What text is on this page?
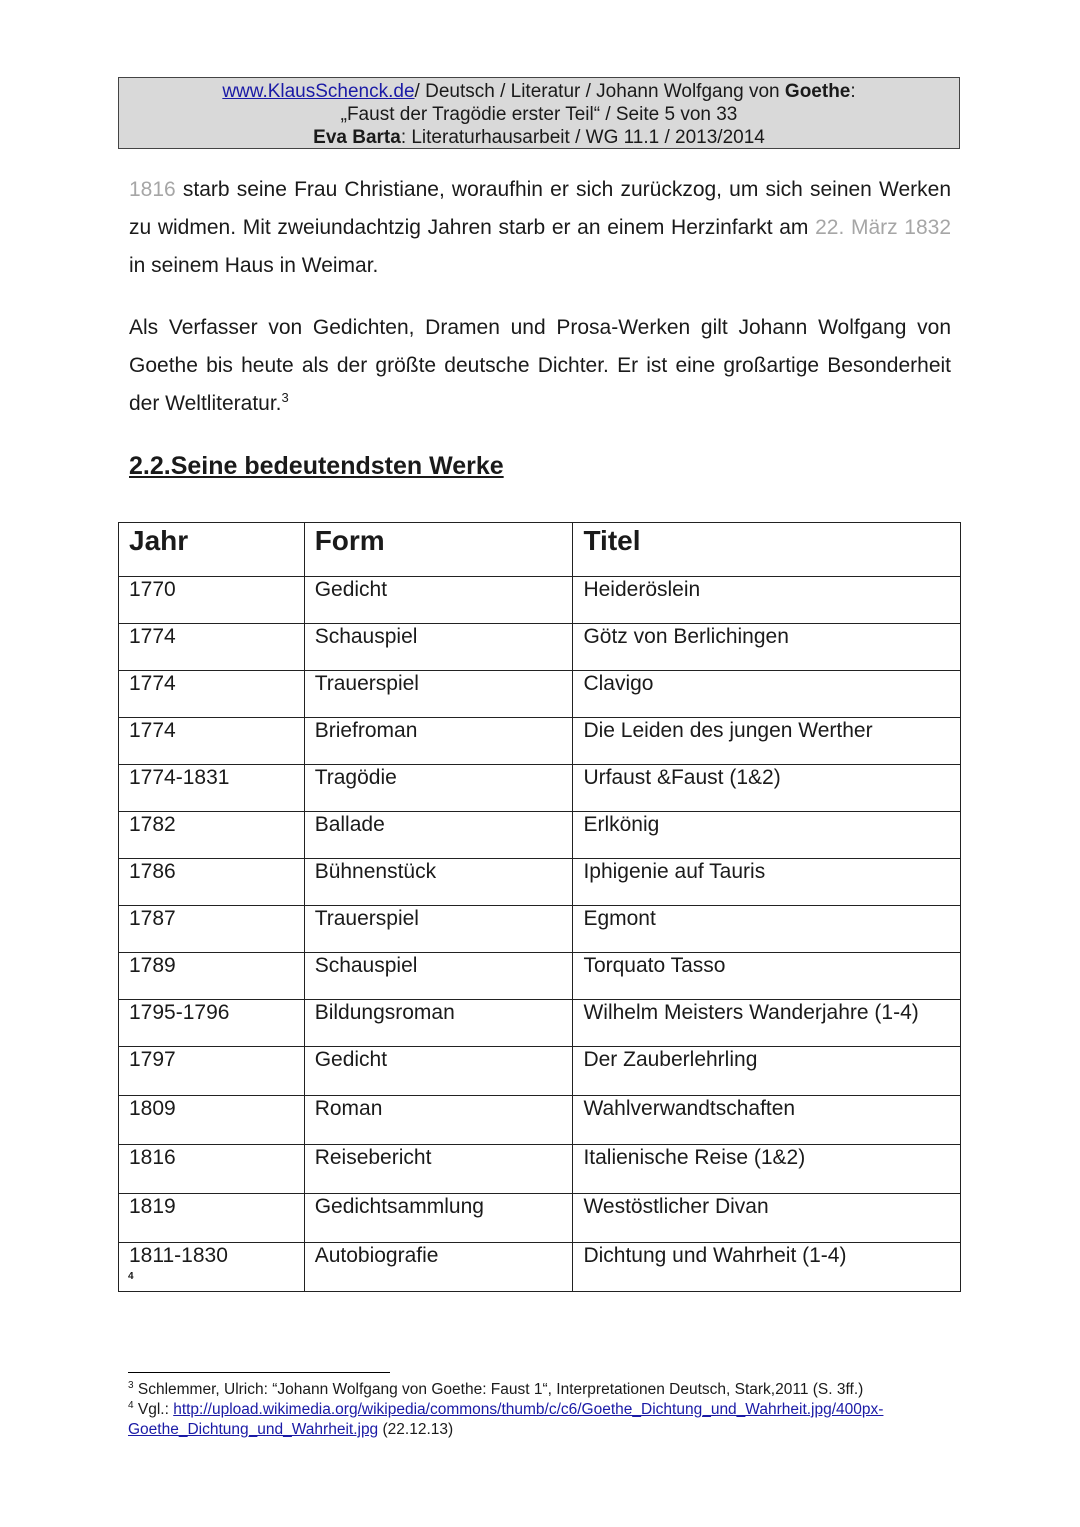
www.KlausSchenck.de/ Deutsch / Literatur / Johann Wolfgang von Goethe:
„Faust der Tragödie erster Teil“ / Seite 5 von 33
Eva Barta: Literaturhausarbeit / WG 11.1 / 2013/2014

1816 starb seine Frau Christiane, woraufhin er sich zurückzog, um sich seinen Werken zu widmen. Mit zweiundachtzig Jahren starb er an einem Herzinfarkt am 22. März 1832 in seinem Haus in Weimar.

Als Verfasser von Gedichten, Dramen und Prosa-Werken gilt Johann Wolfgang von Goethe bis heute als der größte deutsche Dichter. Er ist eine großartige Besonderheit der Weltliteratur.$^3$

2.2.Seine bedeutendsten Werke
Jahr	Form	Titel
1770	Gedicht	Heideröslein
1774	Schauspiel	Götz von Berlichingen
1774	Trauerspiel	Clavigo
1774	Briefroman	Die Leiden des jungen Werther
1774-1831	Tragödie	Urfaust &Faust (1&2)
1782	Ballade	Erlkönig
1786	Bühnenstück	Iphigenie auf Tauris
1787	Trauerspiel	Egmont
1789	Schauspiel	Torquato Tasso
1795-1796	Bildungsroman	Wilhelm Meisters Wanderjahre (1-4)
1797	Gedicht	Der Zauberlehrling
1809	Roman	Wahlverwandtschaften
1816	Reisebericht	Italienische Reise (1&2)
1819	Gedichtsammlung	Westöstlicher Divan
1811-1830	Autobiografie	Dichtung und Wahrheit (1-4)
4
$^3$ Schlemmer, Ulrich: “Johann Wolfgang von Goethe: Faust 1“, Interpretationen Deutsch, Stark,2011 (S. 3ff.)
$^4$ Vgl.: http://upload.wikimedia.org/wikipedia/commons/thumb/c/c6/Goethe_Dichtung_und_Wahrheit.jpg/400px-Goethe_Dichtung_und_Wahrheit.jpg (22.12.13)
